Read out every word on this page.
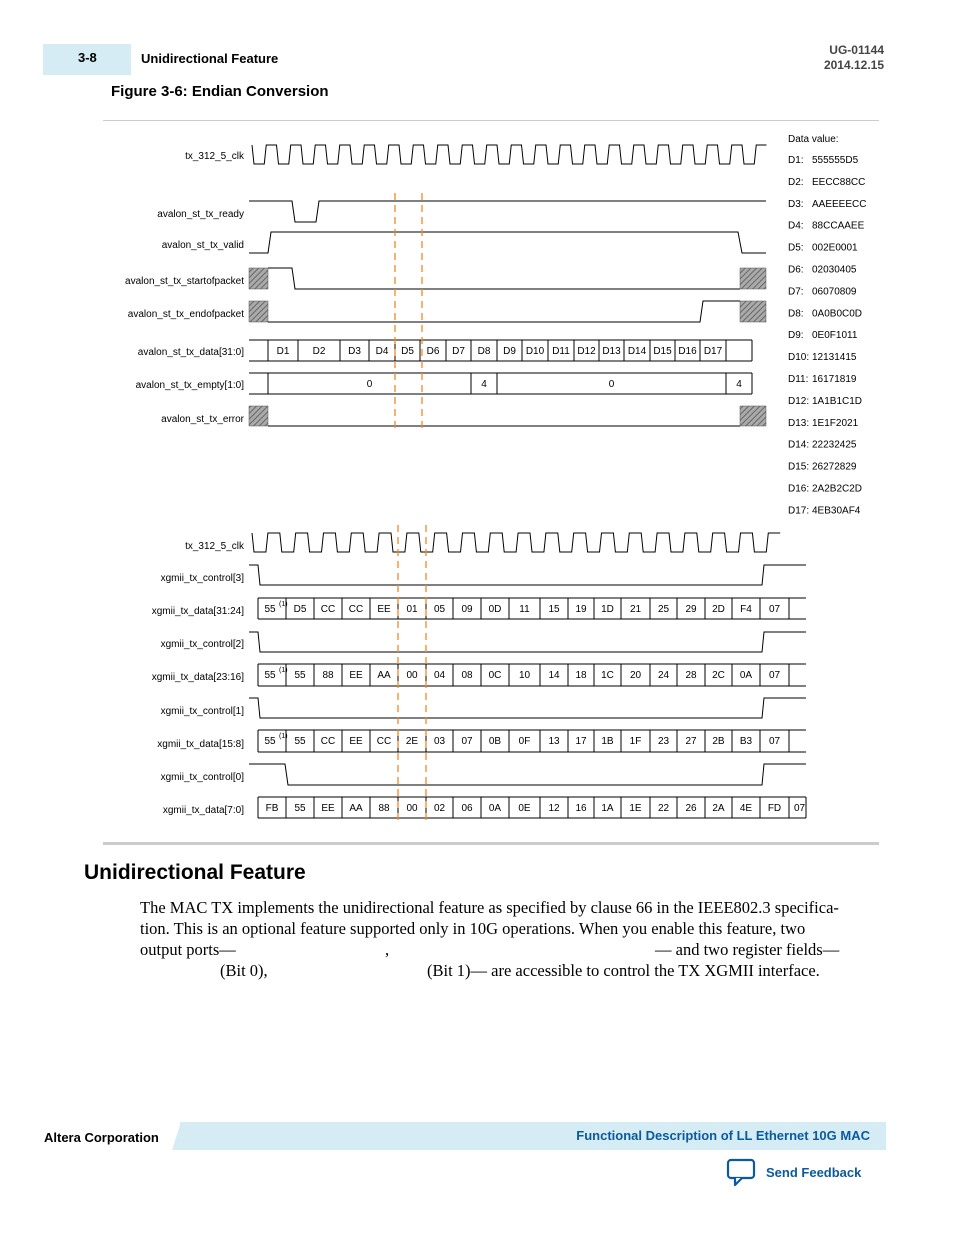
3-8	Unidirectional Feature
UG-01144
2014.12.15
Figure 3-6: Endian Conversion
tx_312_5_clk
avalon_st_tx_ready
avalon_st_tx_valid
avalon_st_tx_startofpacket
avalon_st_tx_endofpacket
avalon_st_tx_data[31:0]
avalon_st_tx_empty[1:0]
avalon_st_tx_error
D1 D2 D3 D4 D5 D6 D7 D8 D9 D10 D11 D12 D13 D14 D15 D16 D17
0	4	0	4
Data value:
D1: 555555D5
D2: EECC88CC
D3: AAEEEECC
D4: 88CCAAEE
D5: 002E0001
D6: 02030405
D7: 06070809
D8: 0A0B0C0D
D9: 0E0F1011
D10: 12131415
D11: 16171819
D12: 1A1B1C1D
D13: 1E1F2021
D14: 22232425
D15: 26272829
D16: 2A2B2C2D
D17: 4EB30AF4
tx_312_5_clk
xgmii_tx_control[3]
xgmii_tx_data[31:24]
xgmii_tx_control[2]
xgmii_tx_data[23:16]
xgmii_tx_control[1]
xgmii_tx_data[15:8]
xgmii_tx_control[0]
xgmii_tx_data[7:0]
55 D5 CC CC EE 01 05 09 0D 11 15 19 1D 21 25 29 2D F4 07
(1)
55 55 88 EE AA 00 04 08 0C 10 14 18 1C 20 24 28 2C 0A 07
(1)
55 55 CC EE CC 2E 03 07 0B 0F 13 17 1B 1F 23 27 2B B3 07
(1)
FB 55 EE AA 88 00 02 06 0A 0E 12 16 1A 1E 22 26 2A 4E FD 07
Unidirectional Feature
The MAC TX implements the unidirectional feature as specified by clause 66 in the IEEE802.3 specifica-
tion. This is an optional feature supported only in 10G operations. When you enable this feature, two
output ports—	,	— and two register fields—
(Bit 0),	(Bit 1)— are accessible to control the TX XGMII interface.
Altera Corporation	Functional Description of LL Ethernet 10G MAC
Send Feedback
